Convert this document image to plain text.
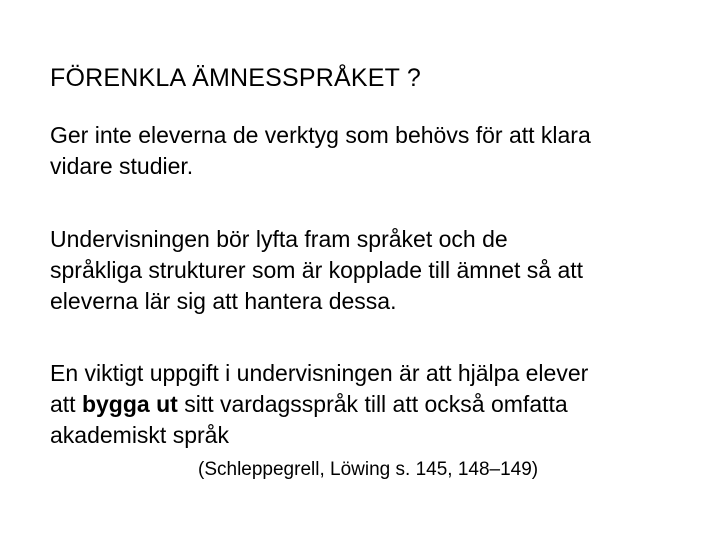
FÖRENKLA ÄMNESSPRÅKET ?
Ger inte eleverna de verktyg som behövs för att klara
vidare studier.
Undervisningen bör lyfta fram språket och de
språkliga strukturer som är kopplade till ämnet så att
eleverna lär sig att hantera dessa.
En viktigt uppgift i undervisningen är att hjälpa elever
att bygga ut sitt vardagsspråk till att också omfatta
akademiskt språk
(Schleppegrell, Löwing s. 145, 148–149)
